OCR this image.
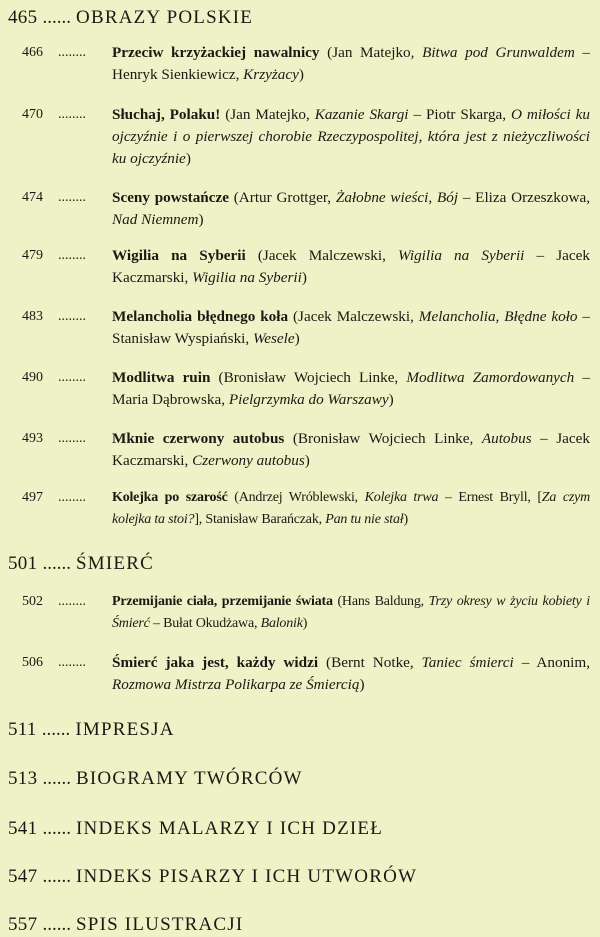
465 ...... OBRAZY POLSKIE
466	........	Przeciw krzyżackiej nawalnicy (Jan Matejko, Bitwa pod Grunwaldem – Henryk Sienkiewicz, Krzyżacy)
470	........	Słuchaj, Polaku! (Jan Matejko, Kazanie Skargi – Piotr Skarga, O miłości ku ojczyźnie i o pierwszej chorobie Rzeczypospolitej, która jest z nieżyczliwości ku ojczyźnie)
474	........	Sceny powstańcze (Artur Grottger, Żałobne wieści, Bój – Eliza Orzeszkowa, Nad Niemnem)
479	........	Wigilia na Syberii (Jacek Malczewski, Wigilia na Syberii – Jacek Kaczmarski, Wigilia na Syberii)
483	........	Melancholia błędnego koła (Jacek Malczewski, Melancholia, Błędne koło – Stanisław Wyspiański, Wesele)
490	........	Modlitwa ruin (Bronisław Wojciech Linke, Modlitwa Zamordowanych – Maria Dąbrowska, Pielgrzymka do Warszawy)
493	........	Mknie czerwony autobus (Bronisław Wojciech Linke, Autobus – Jacek Kaczmarski, Czerwony autobus)
497	........	Kolejka po szarość (Andrzej Wróblewski, Kolejka trwa – Ernest Bryll, [Za czym kolejka ta stoi?], Stanisław Barańczak, Pan tu nie stał)
501 ...... ŚMIERĆ
502	........	Przemijanie ciała, przemijanie świata (Hans Baldung, Trzy okresy w życiu kobiety i Śmierć – Bułat Okudżawa, Balonik)
506	........	Śmierć jaka jest, każdy widzi (Bernt Notke, Taniec śmierci – Anonim, Rozmowa Mistrza Polikarpa ze Śmiercią)
511 ...... IMPRESJA
513 ...... BIOGRAMY TWÓRCÓW
541 ...... INDEKS MALARZY I ICH DZIEŁ
547 ...... INDEKS PISARZY I ICH UTWORÓW
557 ...... SPIS ILUSTRACJI
